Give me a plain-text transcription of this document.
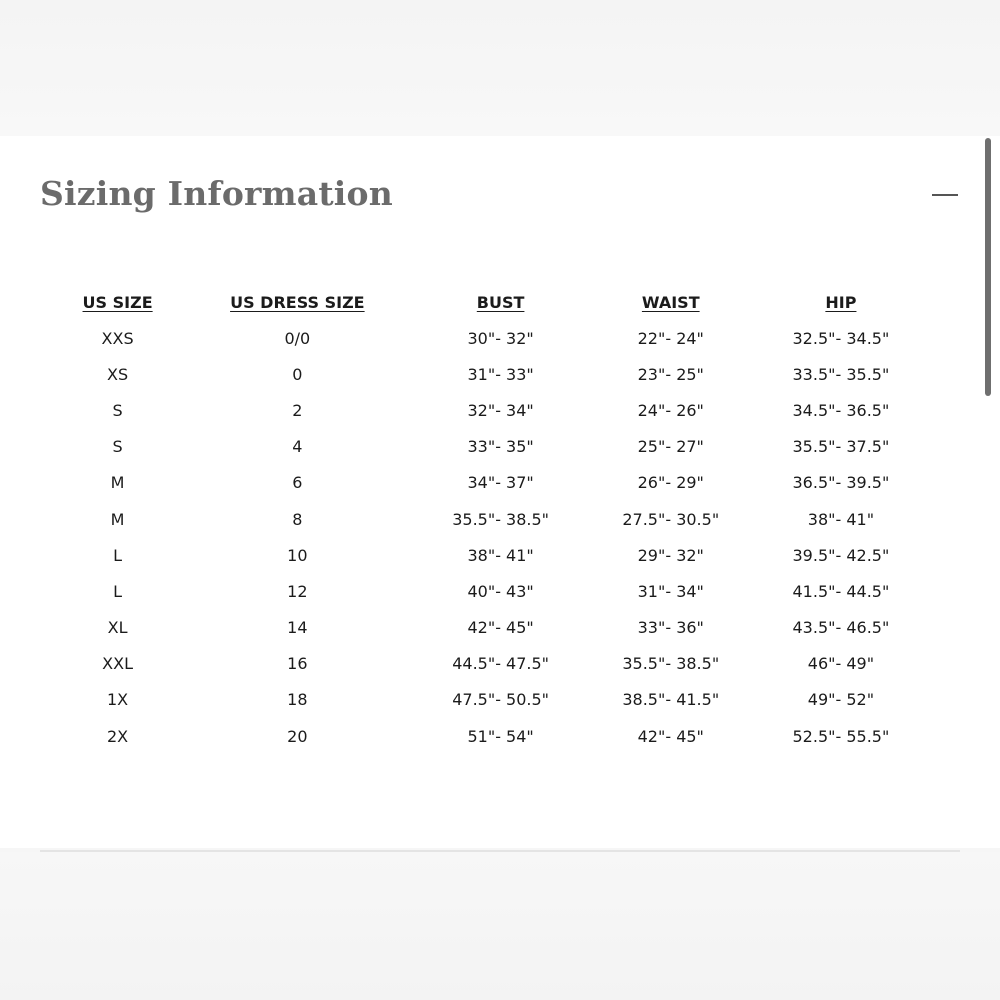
Sizing Information
US SIZE	US DRESS SIZE	BUST	WAIST	HIP
XXS	0/0	30"- 32"	22"- 24"	32.5"- 34.5"
XS	0	31"- 33"	23"- 25"	33.5"- 35.5"
S	2	32"- 34"	24"- 26"	34.5"- 36.5"
S	4	33"- 35"	25"- 27"	35.5"- 37.5"
M	6	34"- 37"	26"- 29"	36.5"- 39.5"
M	8	35.5"- 38.5"	27.5"- 30.5"	38"- 41"
L	10	38"- 41"	29"- 32"	39.5"- 42.5"
L	12	40"- 43"	31"- 34"	41.5"- 44.5"
XL	14	42"- 45"	33"- 36"	43.5"- 46.5"
XXL	16	44.5"- 47.5"	35.5"- 38.5"	46"- 49"
1X	18	47.5"- 50.5"	38.5"- 41.5"	49"- 52"
2X	20	51"- 54"	42"- 45"	52.5"- 55.5"
